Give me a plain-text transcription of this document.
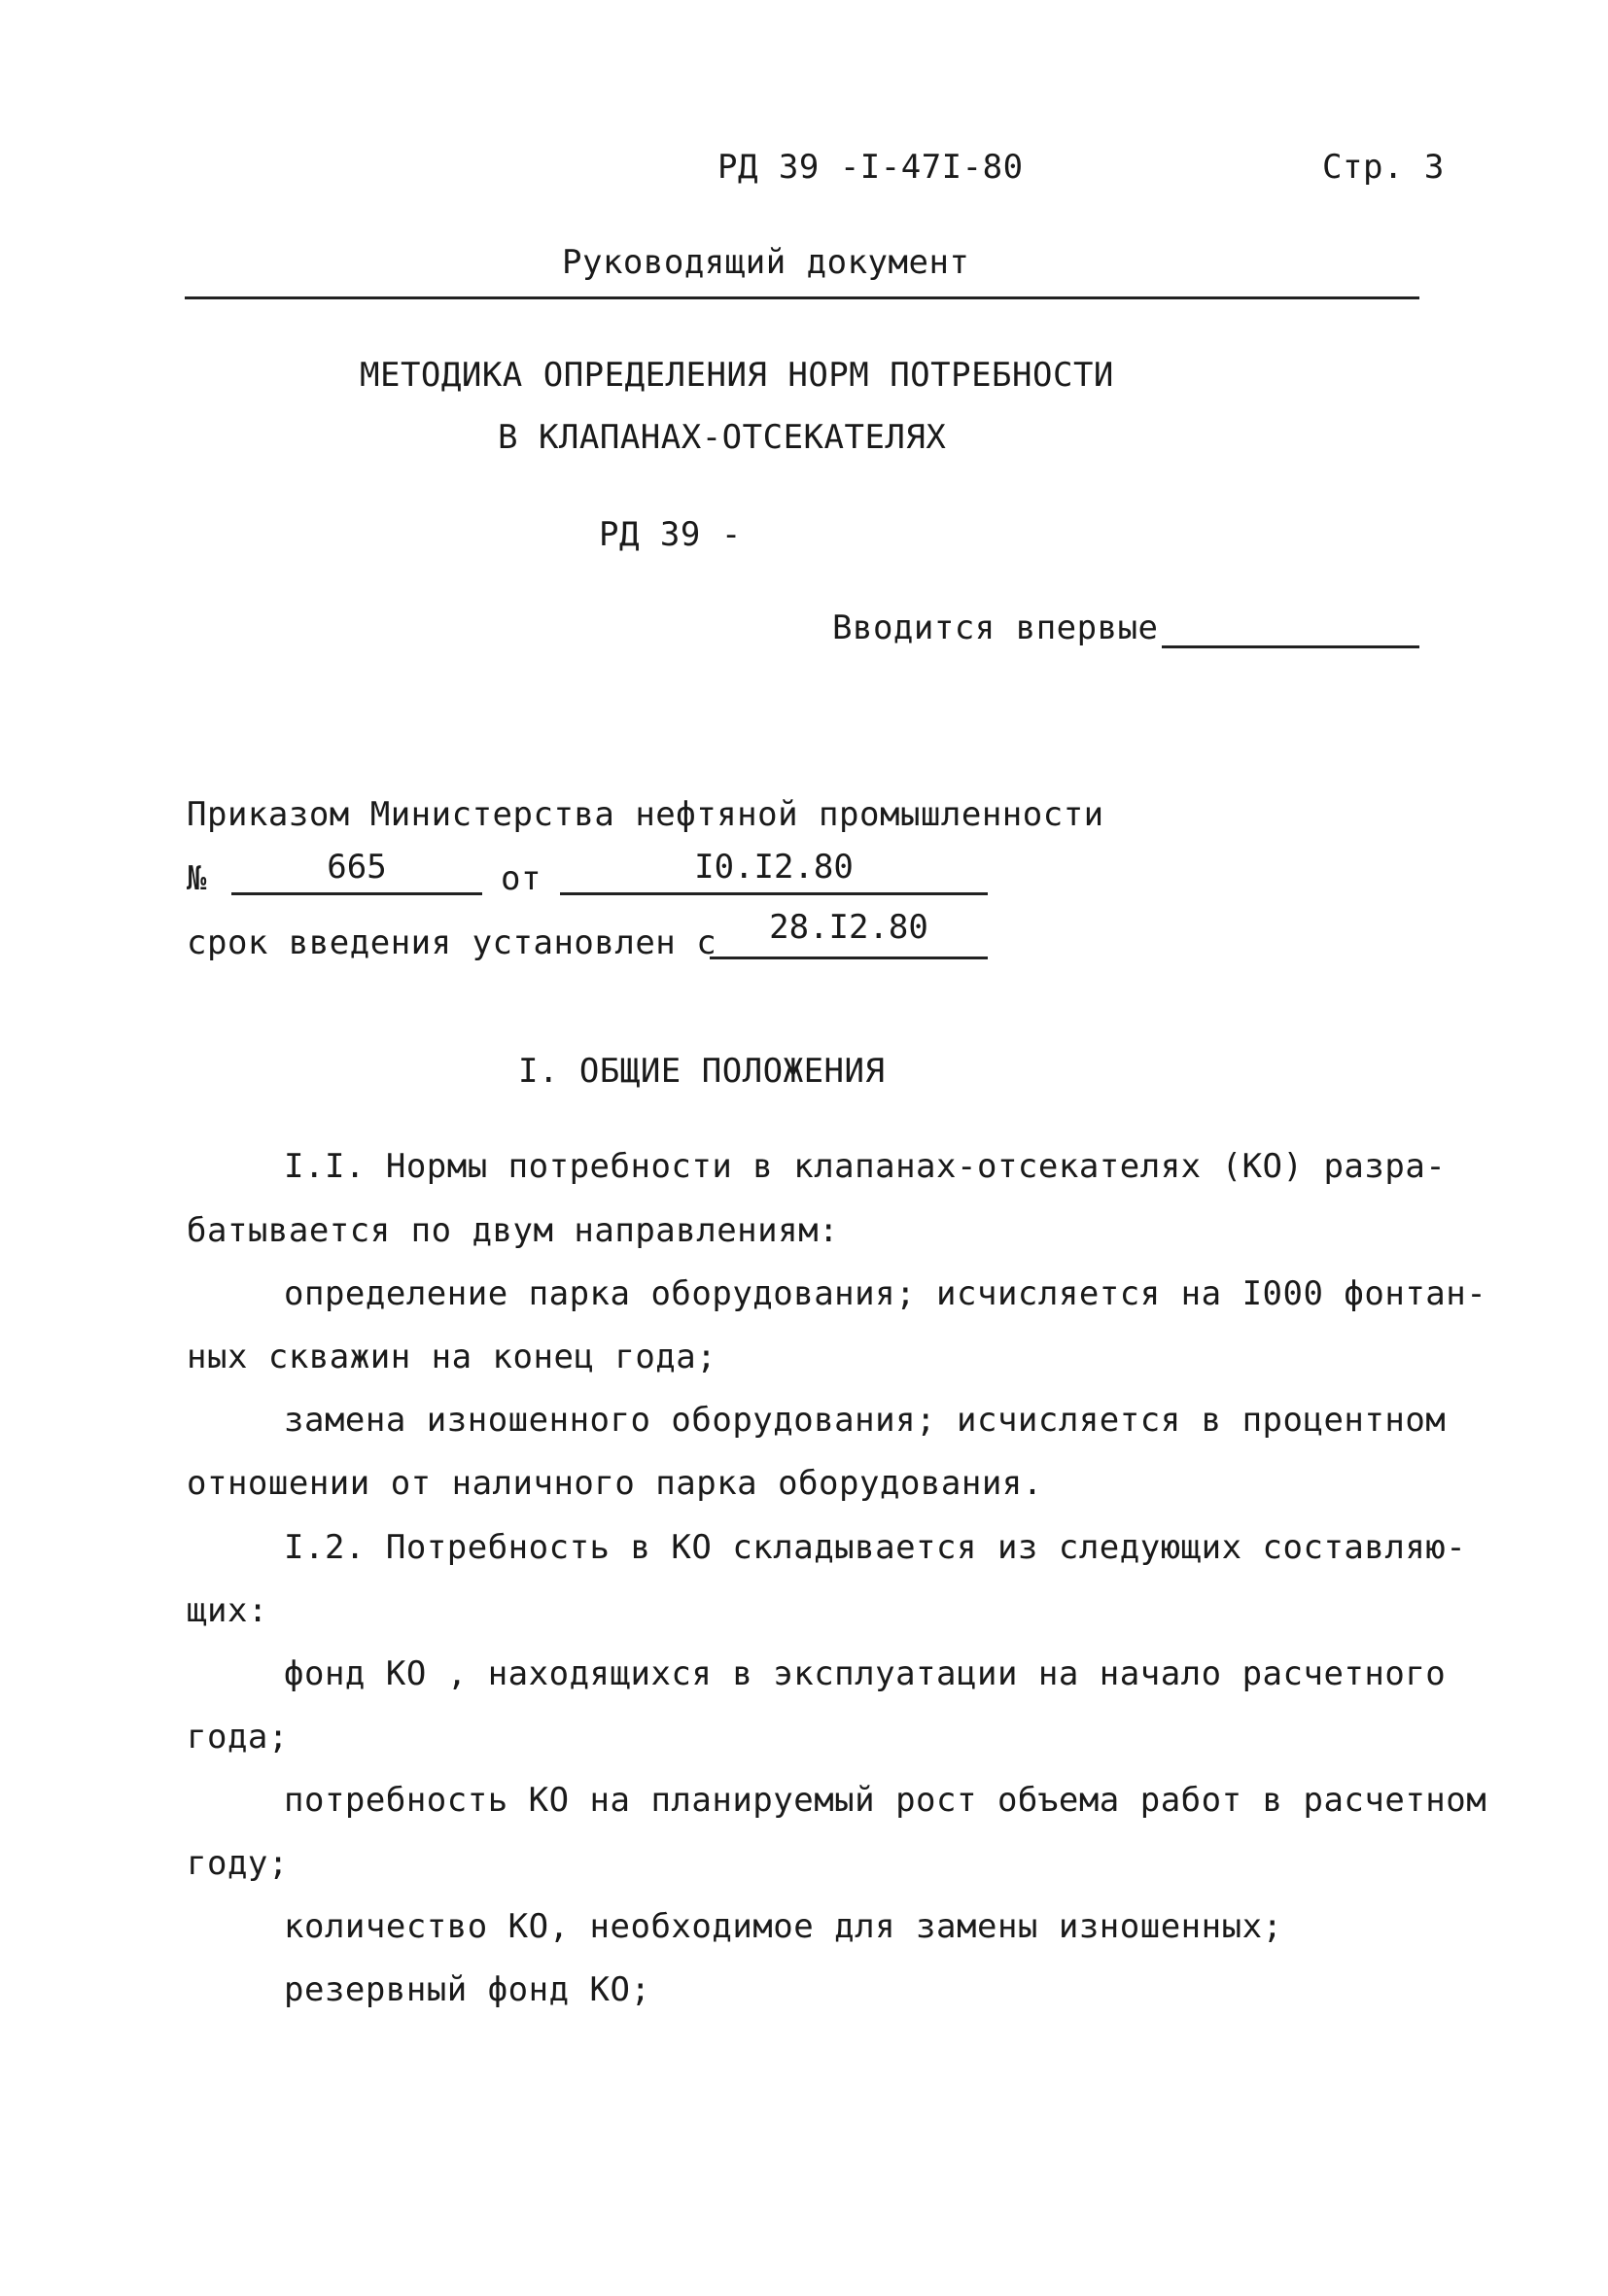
РД 39 -I-47I-80	Стр. 3
Руководящий документ
МЕТОДИКА ОПРЕДЕЛЕНИЯ НОРМ ПОТРЕБНОСТИ
В КЛАПАНАХ-ОТСЕКАТЕЛЯХ
РД 39 -
Вводится впервые
Приказом Министерства нефтяной промышленности
№	665	от	I0.I2.80
срок введения установлен с	28.I2.80
I. ОБЩИЕ ПОЛОЖЕНИЯ
I.I. Нормы потребности в клапанах-отсекателях (КО) разра-
батывается по двум направлениям:
определение парка оборудования; исчисляется на I000 фонтан-
ных скважин на конец года;
замена изношенного оборудования; исчисляется в процентном
отношении от наличного парка оборудования.
I.2. Потребность в КО складывается из следующих составляю-
щих:
фонд КО , находящихся в эксплуатации на начало расчетного
года;
потребность КО на планируемый рост объема работ в расчетном
году;
количество КО, необходимое для замены изношенных;
резервный фонд КО;
